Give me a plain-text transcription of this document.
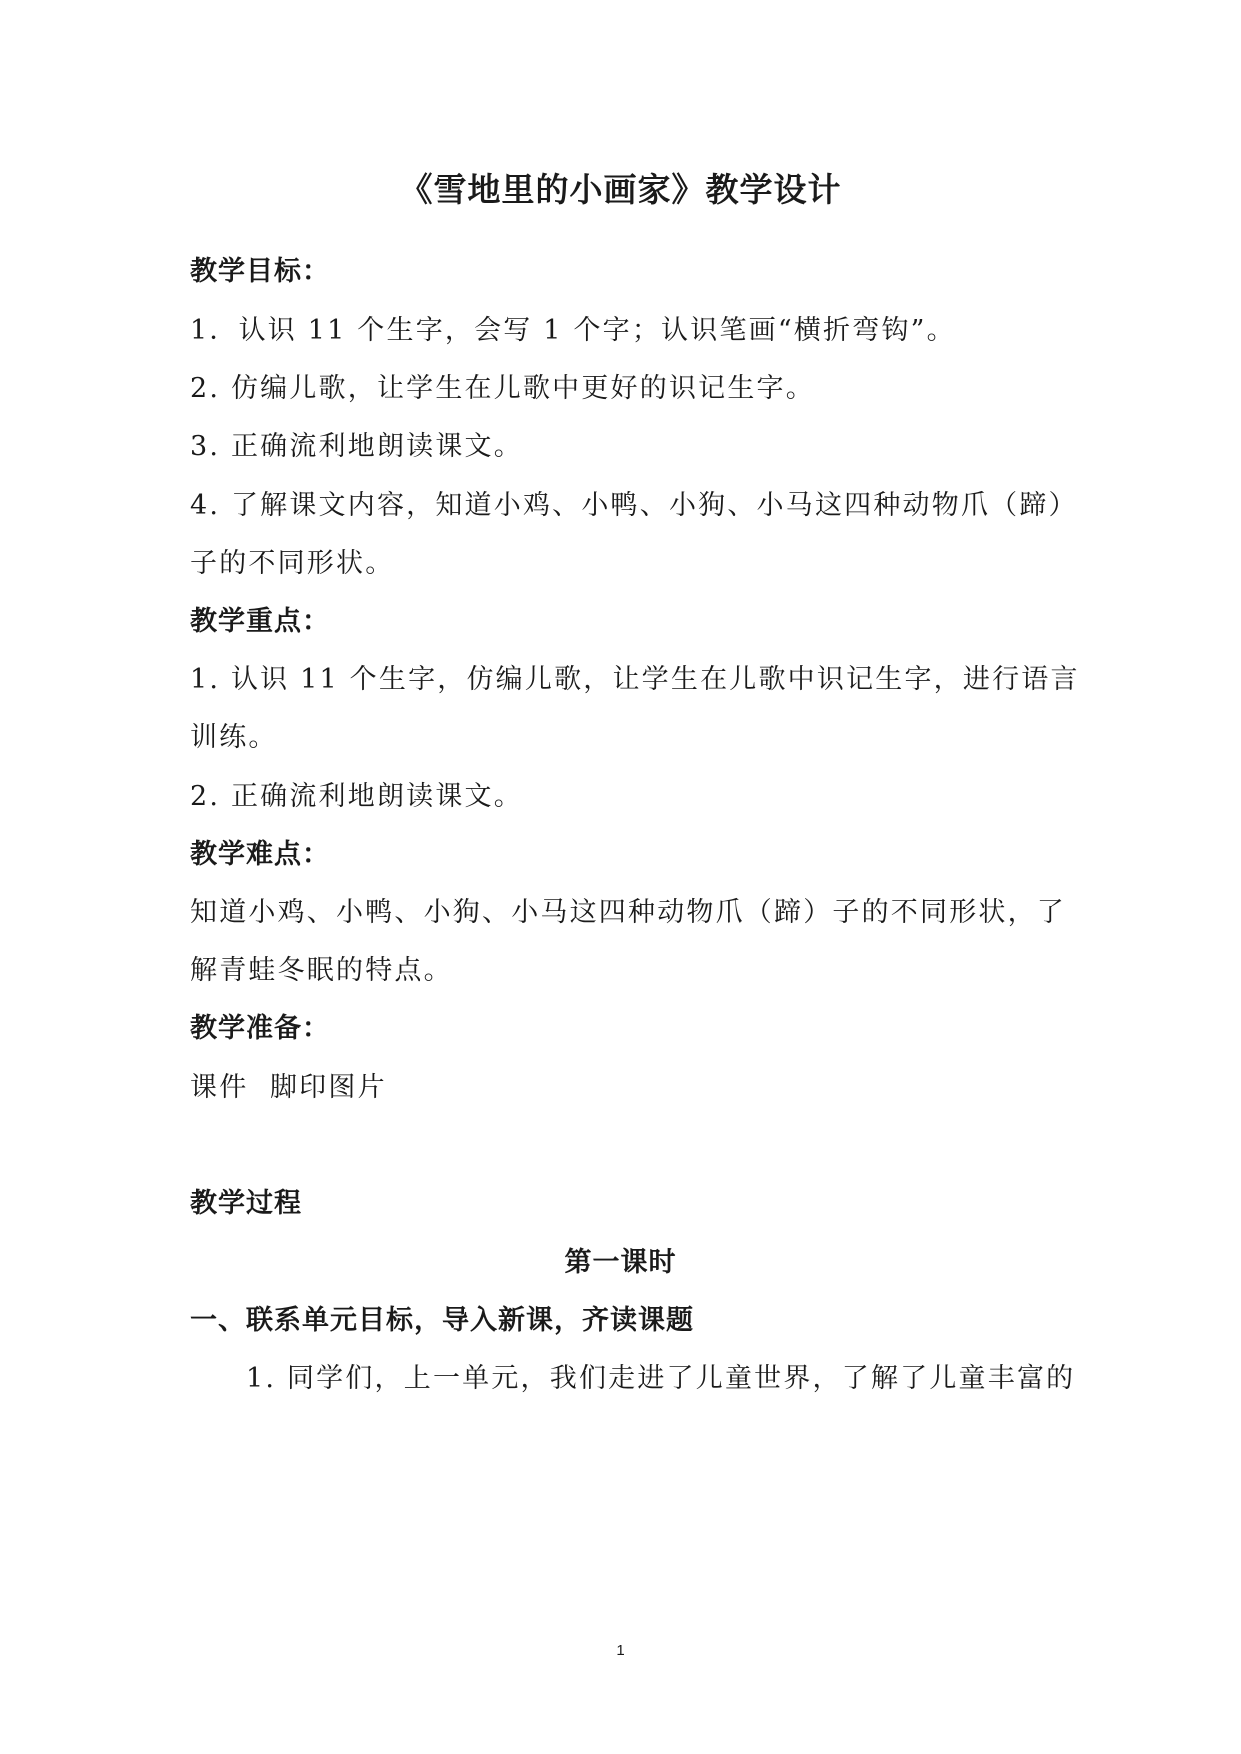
《雪地里的小画家》教学设计
教学目标：
1．认识 11 个生字，会写 1 个字；认识笔画“横折弯钩”。
2. 仿编儿歌，让学生在儿歌中更好的识记生字。
3. 正确流利地朗读课文。
4. 了解课文内容，知道小鸡、小鸭、小狗、小马这四种动物爪（蹄）
子的不同形状。
教学重点：
1. 认识 11 个生字，仿编儿歌，让学生在儿歌中识记生字，进行语言
训练。
2. 正确流利地朗读课文。
教学难点：
知道小鸡、小鸭、小狗、小马这四种动物爪（蹄）子的不同形状，了
解青蛙冬眠的特点。
教学准备：
课件  脚印图片
教学过程
第一课时
一、联系单元目标，导入新课，齐读课题
1. 同学们，上一单元，我们走进了儿童世界，了解了儿童丰富的
1
